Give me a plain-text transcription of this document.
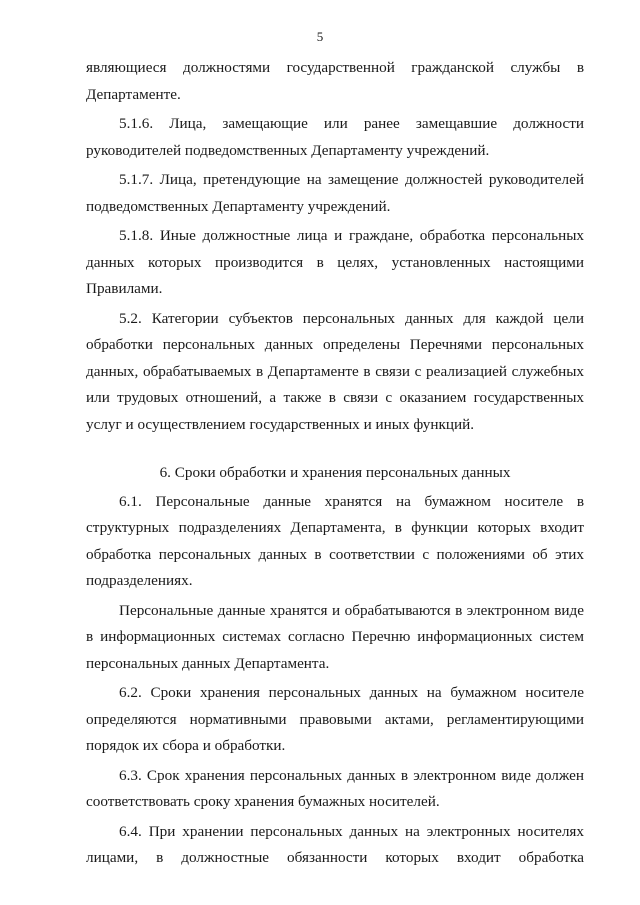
5

являющиеся должностями государственной гражданской службы в Департаменте.

5.1.6. Лица, замещающие или ранее замещавшие должности руководителей подведомственных Департаменту учреждений.

5.1.7. Лица, претендующие на замещение должностей руководителей подведомственных Департаменту учреждений.

5.1.8. Иные должностные лица и граждане, обработка персональных данных которых производится в целях, установленных настоящими Правилами.

5.2. Категории субъектов персональных данных для каждой цели обработки персональных данных определены Перечнями персональных данных, обрабатываемых в Департаменте в связи с реализацией служебных или трудовых отношений, а также в связи с оказанием государственных услуг и осуществлением государственных и иных функций.

6. Сроки обработки и хранения персональных данных

6.1. Персональные данные хранятся на бумажном носителе в структурных подразделениях Департамента, в функции которых входит обработка персональных данных в соответствии с положениями об этих подразделениях.

Персональные данные хранятся и обрабатываются в электронном виде в информационных системах согласно Перечню информационных систем персональных данных Департамента.

6.2. Сроки хранения персональных данных на бумажном носителе определяются нормативными правовыми актами, регламентирующими порядок их сбора и обработки.

6.3. Срок хранения персональных данных в электронном виде должен соответствовать сроку хранения бумажных носителей.

6.4. При хранении персональных данных на электронных носителях лицами, в должностные обязанности которых входит обработка
